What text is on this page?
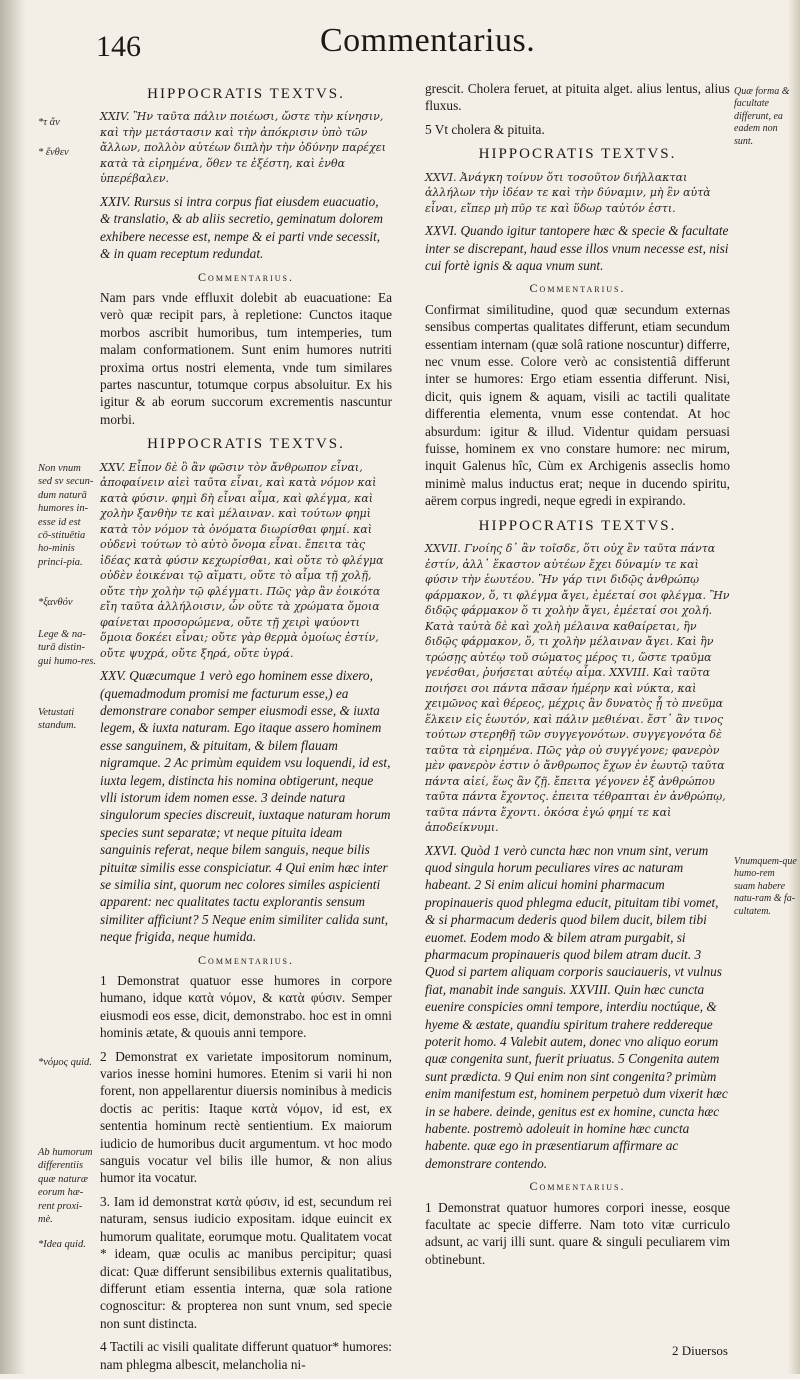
146	Commentarius.
*τ ἄν
* ἕνθεν
Non vnum sed sv secun-dum naturā humores in-esse id est cō-stituētia ho-minis princi-pia.
*ξανθόν
Lege & na-turā distin-gui humo-res.
Vetustati standum.
*νόμος quid.
Ab humorum differentiis quæ naturæ eorum hæ-rent proxi-mè.
*Idea quid.
Quæ forma & facultate differunt, ea eadem non sunt.
Vnumquem-que humo-rem suam habere natu-ram & fa-cultatem.
HIPPOCRATIS TEXTVS.
XXIV. Ἢν ταῦτα πάλιν ποιέωσι, ὤστε τὴν κίνησιν, καὶ τὴν μετάστασιν καὶ τὴν ἀπόκρισιν ὑπὸ τῶν ἄλλων, πολλὸν αὐτέων διπλὴν τὴν ὀδύνην παρέχει κατὰ τὰ εἰρημένα, ὅθεν τε ἐξέστη, καὶ ἐνθα ὑπερέβαλεν.
XXIV. Rursus si intra corpus fiat eiusdem euacuatio, & translatio, & ab aliis secretio, geminatum dolorem exhibere necesse est, nempe & ei parti vnde secessit, & in quam receptum redundat.
Commentarius.
Nam pars vnde effluxit dolebit ab euacuatione: Ea verò quæ recipit pars, à repletione: Cunctos itaque morbos ascribit humoribus, tum intemperies, tum malam conformationem. Sunt enim humores nutriti proxima ortus nostri elementa, vnde tum similares partes nascuntur, totumque corpus absoluitur. Ex his igitur & ab eorum succorum excrementis nascuntur morbi.
HIPPOCRATIS TEXTVS.
XXV. Εἶπον δὲ ὃ ἂν φῶσιν τὸν ἄνθρωπον εἶναι, ἀποφαίνειν αἰεὶ ταῦτα εἶναι, καὶ κατὰ νόμον καὶ κατὰ φύσιν. φημὶ δὴ εἶναι αἷμα, καὶ φλέγμα, καὶ χολὴν ξανθὴν τε καὶ μέλαιναν. καὶ τούτων φημὶ κατὰ τὸν νόμον τὰ ὀνόματα διωρίσθαι φημί. καὶ οὐδενὶ τούτων τὸ αὐτὸ ὄνομα εἶναι. ἔπειτα τὰς ἰδέας κατὰ φύσιν κεχωρίσθαι, καὶ οὔτε τὸ φλέγμα οὐδὲν ἐοικέναι τῷ αἵματι, οὔτε τὸ αἷμα τῇ χολῇ, οὔτε τὴν χολὴν τῷ φλέγματι. Πῶς γὰρ ἂν ἐοικότα εἴη ταῦτα ἀλλήλοισιν, ὧν οὔτε τὰ χρώματα ὅμοια φαίνεται προσορώμενα, οὔτε τῇ χειρὶ ψαύοντι ὅμοια δοκέει εἶναι; οὔτε γὰρ θερμὰ ὁμοίως ἐστίν, οὔτε ψυχρά, οὔτε ξηρά, οὔτε ὑγρά.
XXV. Quæcumque 1 verò ego hominem esse dixero, (quemadmodum promisi me facturum esse,) ea demonstrare conabor semper eiusmodi esse, & iuxta legem, & iuxta naturam. Ego itaque assero hominem esse sanguinem, & pituitam, & bilem flauam nigramque. 2 Ac primùm equidem vsu loquendi, id est, iuxta legem, distincta his nomina obtigerunt, neque vlli istorum idem nomen esse. 3 deinde natura singulorum species discreuit, iuxtaque naturam horum species sunt separatæ; vt neque pituita ideam sanguinis referat, neque bilem sanguis, neque bilis pituitæ similis esse conspiciatur. 4 Qui enim hæc inter se similia sint, quorum nec colores similes aspicienti apparent: nec qualitates tactu explorantis sensum similiter afficiunt? 5 Neque enim similiter calida sunt, neque frigida, neque humida.
Commentarius.
1 Demonstrat quatuor esse humores in corpore humano, idque κατὰ νόμον, & κατὰ φύσιν. Semper eiusmodi eos esse, dicit, demonstrabo. hoc est in omni hominis ætate, & quouis anni tempore.
2 Demonstrat ex varietate impositorum nominum, varios inesse homini humores. Etenim si varii hi non forent, non appellarentur diuersis nominibus à medicis doctis ac peritis: Itaque κατὰ νόμον, id est, ex sententia hominum rectè sentientium. Ex maiorum iudicio de humoribus ducit argumentum. vt hoc modo sanguis vocatur vel bilis ille humor, & non alius humor ita vocatur.
3. Iam id demonstrat κατὰ φύσιν, id est, secundum rei naturam, sensus iudicio expositam. idque euincit ex humorum qualitate, eorumque motu. Qualitatem vocat * ideam, quæ oculis ac manibus percipitur; quasi dicat: Quæ differunt sensibilibus externis qualitatibus, differunt etiam essentia interna, quæ sola ratione cognoscitur: & propterea non sunt vnum, sed specie non sunt distincta.
4 Tactili ac visili qualitate differunt quatuor* humores: nam phlegma albescit, melancholia ni-
grescit. Cholera feruet, at pituita alget. alius lentus, alius fluxus.
5 Vt cholera & pituita.
HIPPOCRATIS TEXTVS.
XXVI. Ἀνάγκη τοίνυν ὅτι τοσοῦτον διήλλακται ἀλλήλων τὴν ἰδέαν τε καὶ τὴν δύναμιν, μὴ ἓν αὐτὰ εἶναι, εἴπερ μὴ πῦρ τε καὶ ὕδωρ ταὐτόν ἐστι.
XXVI. Quando igitur tantopere hæc & specie & facultate inter se discrepant, haud esse illos vnum necesse est, nisi cui fortè ignis & aqua vnum sunt.
Commentarius.
Confirmat similitudine, quod quæ secundum externas sensibus compertas qualitates differunt, etiam secundum essentiam internam (quæ solâ ratione noscuntur) differre, nec vnum esse. Colore verò ac consistentiâ differunt inter se humores: Ergo etiam essentia differunt. Nisi, dicit, quis ignem & aquam, visili ac tactili qualitate differentia elementa, vnum esse contendat. At hoc absurdum: igitur & illud. Videntur quidam persuasi fuisse, hominem ex vno constare humore: nec mirum, inquit Galenus hîc, Cùm ex Archigenis asseclis homo minimè malus inductus erat; neque in ducendo spiritu, aërem corpus ingredi, neque egredi in expirando.
HIPPOCRATIS TEXTVS.
XXVII. Γνοίης δ᾽ ἂν τοῖσδε, ὅτι οὐχ ἓν ταῦτα πάντα ἐστίν, ἀλλ᾽ ἕκαστον αὐτέων ἔχει δύναμίν τε καὶ φύσιν τὴν ἑωυτέου. Ἢν γάρ τινι διδῷς ἀνθρώπῳ φάρμακον, ὅ, τι φλέγμα ἄγει, ἐμέεταί σοι φλέγμα. Ἢν διδῷς φάρμακον ὅ τι χολὴν ἄγει, ἐμέεταί σοι χολή. Κατὰ ταὐτὰ δὲ καὶ χολὴ μέλαινα καθαίρεται, ἢν διδῷς φάρμακον, ὅ, τι χολὴν μέλαιναν ἄγει. Καὶ ἢν τρώσῃς αὐτέῳ τοῦ σώματος μέρος τι, ὥστε τραῦμα γενέσθαι, ῥυήσεται αὐτέῳ αἷμα. XXVIII. Καὶ ταῦτα ποιήσει σοι πάντα πᾶσαν ἡμέρην καὶ νύκτα, καὶ χειμῶνος καὶ θέρεος, μέχρις ἂν δυνατὸς ᾖ τὸ πνεῦμα ἕλκειν εἰς ἑωυτόν, καὶ πάλιν μεθιέναι. ἔστ᾽ ἂν τινος τούτων στερηθῇ τῶν συγγεγονότων. συγγεγονότα δὲ ταῦτα τὰ εἰρημένα. Πῶς γὰρ οὐ συγγέγονε; φανερὸν μὲν φανερὸν ἐστιν ὁ ἄνθρωπος ἔχων ἐν ἑωυτῷ ταῦτα πάντα αἰεί, ἕως ἂν ζῇ. ἔπειτα γέγονεν ἐξ ἀνθρώπου ταῦτα πάντα ἔχοντος. ἐπειτα τέθραπται ἐν ἀνθρώπῳ, ταῦτα πάντα ἔχοντι. ὁκόσα ἐγώ φημί τε καὶ ἀποδείκνυμι.
XXVI. Quòd 1 verò cuncta hæc non vnum sint, verum quod singula horum peculiares vires ac naturam habeant. 2 Si enim alicui homini pharmacum propinaueris quod phlegma educit, pituitam tibi vomet, & si pharmacum dederis quod bilem ducit, bilem tibi euomet. Eodem modo & bilem atram purgabit, si pharmacum propinaueris quod bilem atram ducit. 3 Quod si partem aliquam corporis sauciaueris, vt vulnus fiat, manabit inde sanguis. XXVIII. Quin hæc cuncta euenire conspicies omni tempore, interdiu noctúque, & hyeme & æstate, quandiu spiritum trahere reddereque poterit homo. 4 Valebit autem, donec vno aliquo eorum quæ congenita sunt, fuerit priuatus. 5 Congenita autem sunt prædicta. 9 Qui enim non sint congenita? primùm enim manifestum est, hominem perpetuò dum vixerit hæc in se habere. deinde, genitus est ex homine, cuncta hæc habente. postremò adoleuit in homine hæc cuncta habente. quæ ego in præsentiarum affirmare ac demonstrare contendo.
Commentarius.
1 Demonstrat quatuor humores corpori inesse, eosque facultate ac specie differre. Nam toto vitæ curriculo adsunt, ac varij illi sunt. quare & singuli peculiarem vim obtinebunt.
2 Diuersos
